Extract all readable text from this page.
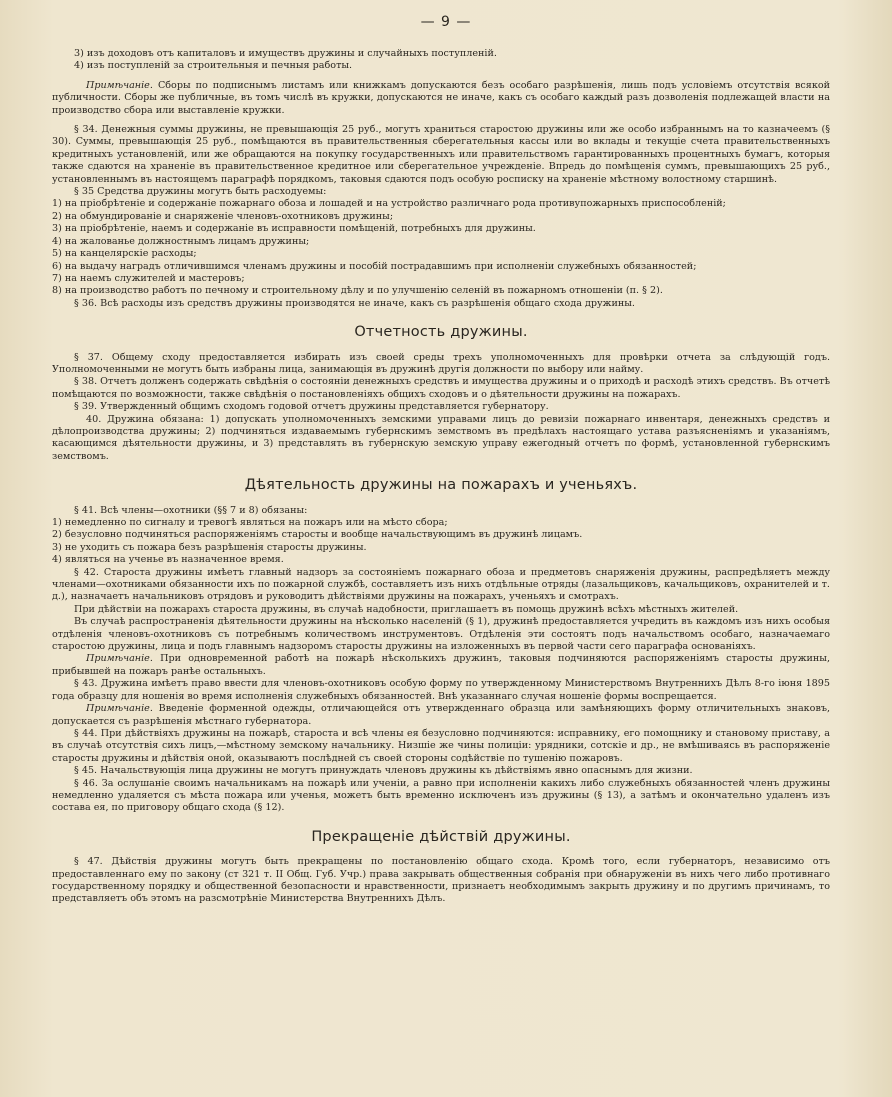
— 9 —

3) изъ доходовъ отъ капиталовъ и имуществъ дружины и случайныхъ поступленiй.

4) изъ поступленiй за строительныя и печныя работы.

Примѣчанiе. Сборы по подписнымъ листамъ или книжкамъ допускаются безъ особаго разрѣшенiя, лишь подъ условiемъ отсутствiя всякой публичности. Сборы же публичные, въ томъ числѣ въ кружки, допускаются не иначе, какъ съ особаго каждый разъ дозволенiя подлежащей власти на производство сбора или выставленiе кружки.

§ 34. Денежныя суммы дружины, не превышающiя 25 руб., могутъ храниться старостою дружины или же особо избраннымъ на то казначеемъ (§ 30). Суммы, превышающiя 25 руб., помѣщаются въ правительственныя сберегательныя кассы или во вклады и текущiе счета правительственныхъ кредитныхъ установленiй, или же обращаются на покупку государственныхъ или правительствомъ гарантированныхъ процентныхъ бумагъ, которыя также сдаются на храненiе въ правительственное кредитное или сберегательное учрежденiе. Впредь до помѣщенiя суммъ, превышающихъ 25 руб., установленнымъ въ настоящемъ параграфѣ порядкомъ, таковыя сдаются подъ особую росписку на храненiе мѣстному волостному старшинѣ.

§ 35 Средства дружины могутъ быть расходуемы:

1) на прiобрѣтенiе и содержанiе пожарнаго обоза и лошадей и на устройство различнаго рода противупожарныхъ приспособленiй;

2) на обмундированiе и снаряженiе членовъ-охотниковъ дружины;

3) на прiобрѣтенiе, наемъ и содержанiе въ исправности помѣщенiй, потребныхъ для дружины.

4) на жалованье должностнымъ лицамъ дружины;

5) на канцелярскiе расходы;

6) на выдачу наградъ отличившимся членамъ дружины и пособiй пострадавшимъ при исполненiи служебныхъ обязанностей;

7) на наемъ служителей и мастеровъ;

8) на производство работъ по печному и строительному дѣлу и по улучшенiю селенiй въ пожарномъ отношенiи (п. § 2).

§ 36. Всѣ расходы изъ средствъ дружины производятся не иначе, какъ съ разрѣшенiя общаго схода дружины.

Отчетность дружины.

§ 37. Общему сходу предоставляется избирать изъ своей среды трехъ уполномоченныхъ для провѣрки отчета за слѣдующiй годъ. Уполномоченными не могутъ быть избраны лица, занимающiя въ дружинѣ другiя должности по выбору или найму.

§ 38. Отчетъ долженъ содержать свѣдѣнiя о состоянiи денежныхъ средствъ и имущества дружины и о приходѣ и расходѣ этихъ средствъ. Въ отчетѣ помѣщаются по возможности, также свѣдѣнiя о постановленiяхъ общихъ сходовъ и о дѣятельности дружины на пожарахъ.

§ 39. Утвержденный общимъ сходомъ годовой отчетъ дружины представляется губернатору.

40. Дружина обязана: 1) допускать уполномоченныхъ земскими управами лицъ до ревизiи пожарнаго инвентаря, денежныхъ средствъ и дѣлопроизводства дружины; 2) подчиняться издаваемымъ губернскимъ земствомъ въ предѣлахъ настоящаго устава разъясненiямъ и указанiямъ, касающимся дѣятельности дружины, и 3) представлять въ губернскую земскую управу ежегодный отчетъ по формѣ, установленной губернскимъ земствомъ.

Дѣятельность дружины на пожарахъ и ученьяхъ.

§ 41. Всѣ члены—охотники (§§ 7 и 8) обязаны:

1) немедленно по сигналу и тревогѣ являться на пожаръ или на мѣсто сбора;

2) безусловно подчиняться распоряженiямъ старосты и вообще начальствующимъ въ дружинѣ лицамъ.

3) не уходить съ пожара безъ разрѣшенiя старосты дружины.

4) являться на ученье въ назначенное время.

§ 42. Староста дружины имѣетъ главный надзоръ за состоянiемъ пожарнаго обоза и предметовъ снаряженiя дружины, распредѣляетъ между членами—охотниками обязанности ихъ по пожарной службѣ, составляетъ изъ нихъ отдѣльные отряды (лазальщиковъ, качальщиковъ, охранителей и т. д.), назначаетъ начальниковъ отрядовъ и руководитъ дѣйствiями дружины на пожарахъ, ученьяхъ и смотрахъ.

При дѣйствiи на пожарахъ староста дружины, въ случаѣ надобности, приглашаетъ въ помощь дружинѣ всѣхъ мѣстныхъ жителей.

Въ случаѣ распространенiя дѣятельности дружины на нѣсколько населенiй (§ 1), дружинѣ предоставляется учредить въ каждомъ изъ нихъ особыя отдѣленiя членовъ-охотниковъ съ потребнымъ количествомъ инструментовъ. Отдѣленiя эти состоятъ подъ начальствомъ особаго, назначаемаго старостою дружины, лица и подъ главнымъ надзоромъ старосты дружины на изложенныхъ въ первой части сего параграфа основанiяхъ.

Примѣчанiе. При одновременной работѣ на пожарѣ нѣсколькихъ дружинъ, таковыя подчиняются распоряженiямъ старосты дружины, прибывшей на пожаръ ранѣе остальныхъ.

§ 43. Дружина имѣетъ право ввести для членовъ-охотниковъ особую форму по утвержденному Министерствомъ Внутреннихъ Дѣлъ 8-го iюня 1895 года образцу для ношенiя во время исполненiя служебныхъ обязанностей. Внѣ указаннаго случая ношенiе формы воспрещается.

Примѣчанiе. Введенiе форменной одежды, отличающейся отъ утвержденнаго образца или замѣняющихъ форму отличительныхъ знаковъ, допускается съ разрѣшенiя мѣстнаго губернатора.

§ 44. При дѣйствiяхъ дружины на пожарѣ, староста и всѣ члены ея безусловно подчиняются: исправнику, его помощнику и становому приставу, а въ случаѣ отсутствiя сихъ лицъ,—мѣстному земскому начальнику. Низшiе же чины полицiи: урядники, сотскiе и др., не вмѣшиваясь въ распоряженiе старосты дружины и дѣйствiя оной, оказываютъ послѣдней съ своей стороны содѣйствiе по тушенiю пожаровъ.

§ 45. Начальствующiя лица дружины не могутъ принуждать членовъ дружины къ дѣйствiямъ явно опаснымъ для жизни.

§ 46. За ослушанiе своимъ начальникамъ на пожарѣ или ученiи, а равно при исполненiи какихъ либо служебныхъ обязанностей членъ дружины немедленно удаляется съ мѣста пожара или ученья, можетъ быть временно исключенъ изъ дружины (§ 13), а затѣмъ и окончательно удаленъ изъ состава ея, по приговору общаго схода (§ 12).

Прекращенiе дѣйствiй дружины.

§ 47. Дѣйствiя дружины могутъ быть прекращены по постановленiю общаго схода. Кромѣ того, если губернаторъ, независимо отъ предоставленнаго ему по закону (ст 321 т. II Общ. Губ. Учр.) права закрывать общественныя собранiя при обнаруженiи въ нихъ чего либо противнаго государственному порядку и общественной безопасности и нравственности, признаетъ необходимымъ закрыть дружину и по другимъ причинамъ, то представляетъ объ этомъ на разсмотрѣнiе Министерства Внутреннихъ Дѣлъ.
